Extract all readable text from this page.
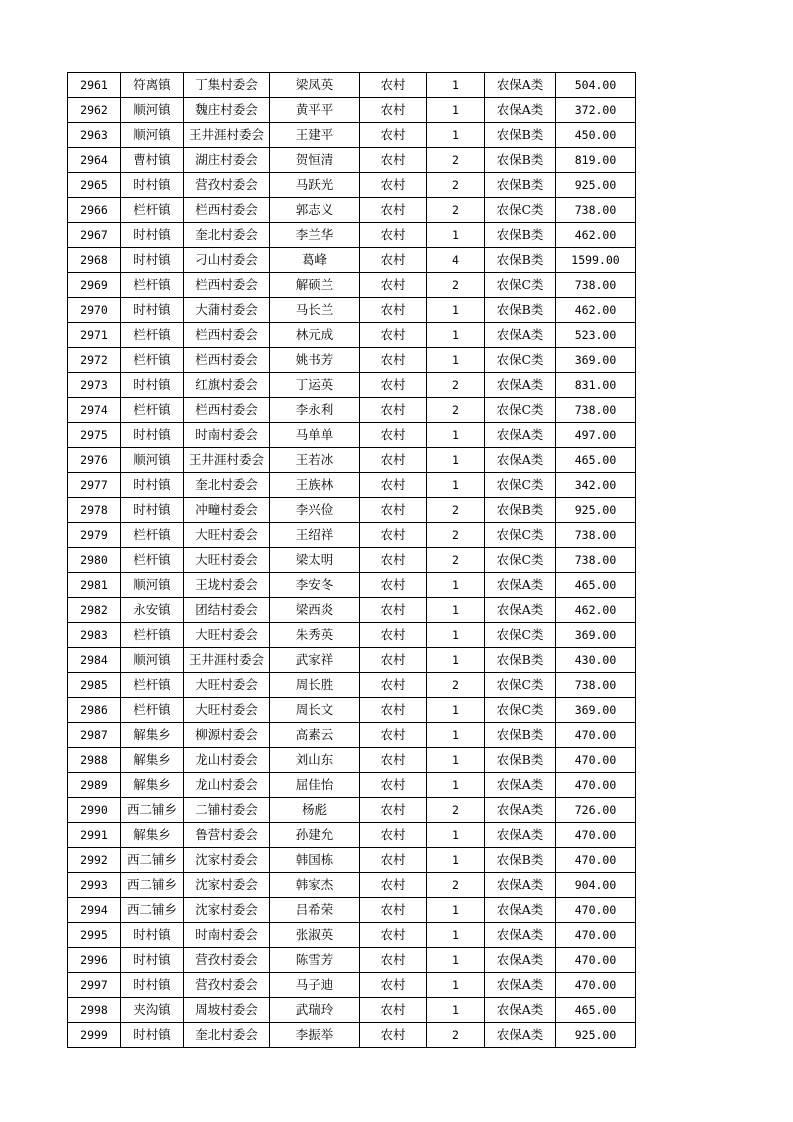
2961	符离镇	丁集村委会	梁凤英	农村	1	农保A类	504.00
2962	顺河镇	魏庄村委会	黄平平	农村	1	农保A类	372.00
2963	顺河镇	王井涯村委会	王建平	农村	1	农保B类	450.00
2964	曹村镇	湖庄村委会	贺恒清	农村	2	农保B类	819.00
2965	时村镇	营孜村委会	马跃光	农村	2	农保B类	925.00
2966	栏杆镇	栏西村委会	郭志义	农村	2	农保C类	738.00
2967	时村镇	奎北村委会	李兰华	农村	1	农保B类	462.00
2968	时村镇	刁山村委会	葛峰	农村	4	农保B类	1599.00
2969	栏杆镇	栏西村委会	解硕兰	农村	2	农保C类	738.00
2970	时村镇	大蒲村委会	马长兰	农村	1	农保B类	462.00
2971	栏杆镇	栏西村委会	林元成	农村	1	农保A类	523.00
2972	栏杆镇	栏西村委会	姚书芳	农村	1	农保C类	369.00
2973	时村镇	红旗村委会	丁运英	农村	2	农保A类	831.00
2974	栏杆镇	栏西村委会	李永利	农村	2	农保C类	738.00
2975	时村镇	时南村委会	马单单	农村	1	农保A类	497.00
2976	顺河镇	王井涯村委会	王若冰	农村	1	农保A类	465.00
2977	时村镇	奎北村委会	王族林	农村	1	农保C类	342.00
2978	时村镇	冲疃村委会	李兴俭	农村	2	农保B类	925.00
2979	栏杆镇	大旺村委会	王绍祥	农村	2	农保C类	738.00
2980	栏杆镇	大旺村委会	梁太明	农村	2	农保C类	738.00
2981	顺河镇	王垅村委会	李安冬	农村	1	农保A类	465.00
2982	永安镇	团结村委会	梁西炎	农村	1	农保A类	462.00
2983	栏杆镇	大旺村委会	朱秀英	农村	1	农保C类	369.00
2984	顺河镇	王井涯村委会	武家祥	农村	1	农保B类	430.00
2985	栏杆镇	大旺村委会	周长胜	农村	2	农保C类	738.00
2986	栏杆镇	大旺村委会	周长文	农村	1	农保C类	369.00
2987	解集乡	柳源村委会	高素云	农村	1	农保B类	470.00
2988	解集乡	龙山村委会	刘山东	农村	1	农保B类	470.00
2989	解集乡	龙山村委会	屈佳怡	农村	1	农保A类	470.00
2990	西二铺乡	二铺村委会	杨彪	农村	2	农保A类	726.00
2991	解集乡	鲁营村委会	孙建允	农村	1	农保A类	470.00
2992	西二铺乡	沈家村委会	韩国栋	农村	1	农保B类	470.00
2993	西二铺乡	沈家村委会	韩家杰	农村	2	农保A类	904.00
2994	西二铺乡	沈家村委会	吕希荣	农村	1	农保A类	470.00
2995	时村镇	时南村委会	张淑英	农村	1	农保A类	470.00
2996	时村镇	营孜村委会	陈雪芳	农村	1	农保A类	470.00
2997	时村镇	营孜村委会	马子迪	农村	1	农保A类	470.00
2998	夹沟镇	周坡村委会	武瑞玲	农村	1	农保A类	465.00
2999	时村镇	奎北村委会	李振举	农村	2	农保A类	925.00
